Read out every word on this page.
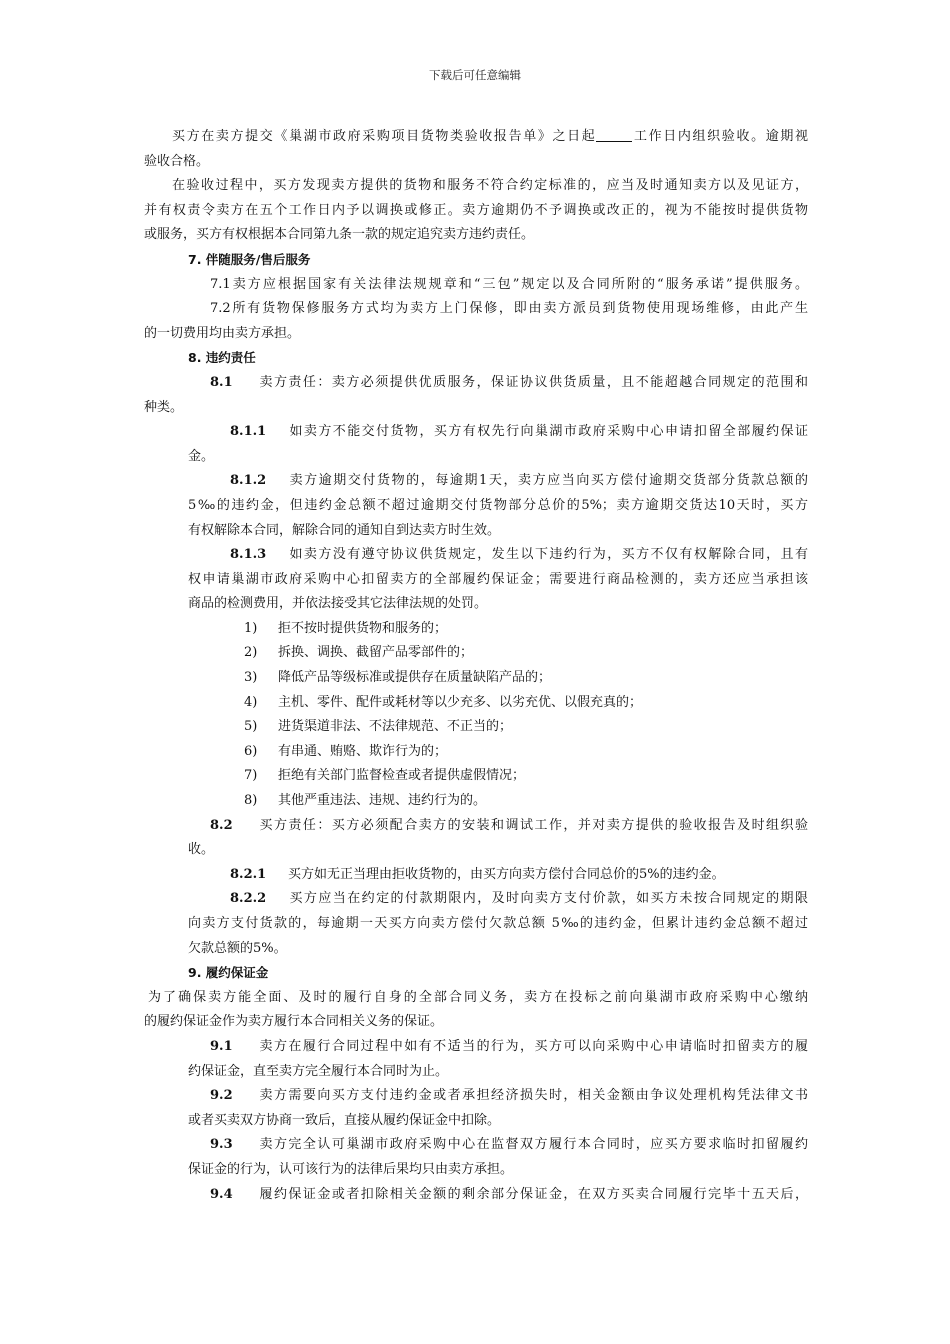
下载后可任意编辑
买方在卖方提交《巢湖市政府采购项目货物类验收报告单》之日起	工作日内组织验收。逾期视
验收合格。
在验收过程中，买方发现卖方提供的货物和服务不符合约定标准的，应当及时通知卖方以及见证方，
并有权责令卖方在五个工作日内予以调换或修正。卖方逾期仍不予调换或改正的，视为不能按时提供货物
或服务，买方有权根据本合同第九条一款的规定追究卖方违约责任。
7. 伴随服务/售后服务
7.1卖方应根据国家有关法律法规规章和“三包”规定以及合同所附的“服务承诺”提供服务。
7.2所有货物保修服务方式均为卖方上门保修，即由卖方派员到货物使用现场维修，由此产生
的一切费用均由卖方承担。
8. 违约责任
8.1 卖方责任：卖方必须提供优质服务，保证协议供货质量，且不能超越合同规定的范围和
种类。
8.1.1 如卖方不能交付货物，买方有权先行向巢湖市政府采购中心申请扣留全部履约保证
金。
8.1.2 卖方逾期交付货物的，每逾期1天，卖方应当向买方偿付逾期交货部分货款总额的
5‰的违约金，但违约金总额不超过逾期交付货物部分总价的5%；卖方逾期交货达10天时，买方
有权解除本合同，解除合同的通知自到达卖方时生效。
8.1.3 如卖方没有遵守协议供货规定，发生以下违约行为，买方不仅有权解除合同，且有
权申请巢湖市政府采购中心扣留卖方的全部履约保证金；需要进行商品检测的，卖方还应当承担该
商品的检测费用，并依法接受其它法律法规的处罚。
1) 拒不按时提供货物和服务的；
2) 拆换、调换、截留产品零部件的；
3) 降低产品等级标准或提供存在质量缺陷产品的；
4) 主机、零件、配件或耗材等以少充多、以劣充优、以假充真的；
5) 进货渠道非法、不法律规范、不正当的；
6) 有串通、贿赂、欺诈行为的；
7) 拒绝有关部门监督检查或者提供虚假情况；
8) 其他严重违法、违规、违约行为的。
8.2 买方责任：买方必须配合卖方的安装和调试工作，并对卖方提供的验收报告及时组织验
收。
8.2.1 买方如无正当理由拒收货物的，由买方向卖方偿付合同总价的5%的违约金。
8.2.2 买方应当在约定的付款期限内，及时向卖方支付价款，如买方未按合同规定的期限
向卖方支付货款的，每逾期一天买方向卖方偿付欠款总额 5‰的违约金，但累计违约金总额不超过
欠款总额的5%。
9. 履约保证金
为了确保卖方能全面、及时的履行自身的全部合同义务，卖方在投标之前向巢湖市政府采购中心缴纳
的履约保证金作为卖方履行本合同相关义务的保证。
9.1 卖方在履行合同过程中如有不适当的行为，买方可以向采购中心申请临时扣留卖方的履
约保证金，直至卖方完全履行本合同时为止。
9.2 卖方需要向买方支付违约金或者承担经济损失时，相关金额由争议处理机构凭法律文书
或者买卖双方协商一致后，直接从履约保证金中扣除。
9.3 卖方完全认可巢湖市政府采购中心在监督双方履行本合同时，应买方要求临时扣留履约
保证金的行为，认可该行为的法律后果均只由卖方承担。
9.4 履约保证金或者扣除相关金额的剩余部分保证金，在双方买卖合同履行完毕十五天后，
